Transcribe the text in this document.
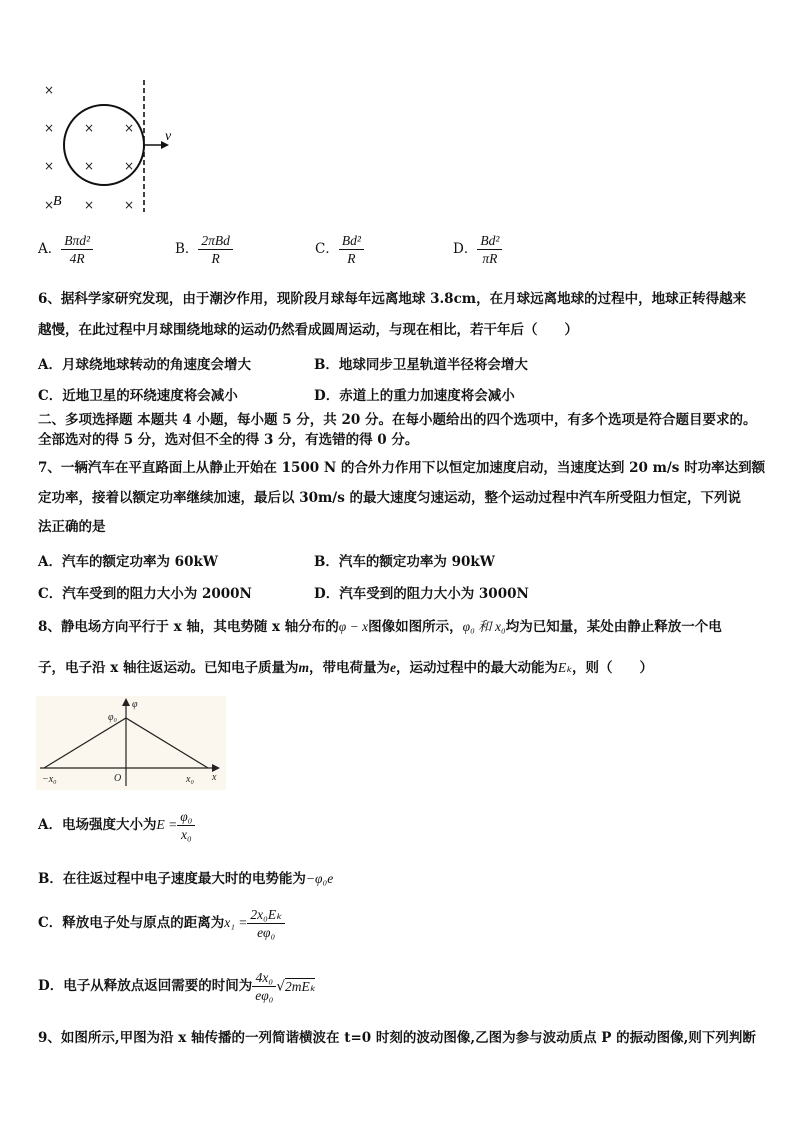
×
×
×
×
×
×
×
×
×
×
v
B
A． $\frac{\text{Bπd²}}{4R}$	B． $\frac{\text{2πBd}}{R}$	C． $\frac{\text{Bd²}}{R}$	D． $\frac{\text{Bd²}}{\pi R}$
6、据科学家研究发现，由于潮汐作用，现阶段月球每年远离地球 3.8cm，在月球远离地球的过程中，地球正转得越来
越慢，在此过程中月球围绕地球的运动仍然看成圆周运动，与现在相比，若干年后（　　）
A．月球绕地球转动的角速度会增大	B．地球同步卫星轨道半径将会增大
C．近地卫星的环绕速度将会减小	D．赤道上的重力加速度将会减小
二、多项选择题 本题共 4 小题，每小题 5 分，共 20 分。在每小题给出的四个选项中，有多个选项是符合题目要求的。
全部选对的得 5 分，选对但不全的得 3 分，有选错的得 0 分。
7、一辆汽车在平直路面上从静止开始在 1500 N 的合外力作用下以恒定加速度启动，当速度达到 20 m/s 时功率达到额
定功率，接着以额定功率继续加速，最后以 30m/s 的最大速度匀速运动，整个运动过程中汽车所受阻力恒定，下列说
法正确的是
A．汽车的额定功率为 60kW	B．汽车的额定功率为 90kW
C．汽车受到的阻力大小为 2000N	D．汽车受到的阻力大小为 3000N
8、静电场方向平行于 x 轴，其电势随 x 轴分布的φ − x图像如图所示，φ₀ 和 x₀均为已知量，某处由静止释放一个电
子，电子沿 x 轴往返运动。已知电子质量为m，带电荷量为e，运动过程中的最大动能为Eₖ，则（　　）
φ
φ₀
O
−x₀	x₀ x
A．电场强度大小为$E = \frac{\text{φ₀}}{\text{x₀}}$
B．在往返过程中电子速度最大时的电势能为−φ₀e
C．释放电子处与原点的距离为$x_1 = \frac{\text{2x₀Eₖ}}{\text{eφ₀}}$
D．电子从释放点返回需要的时间为 $\frac{\text{4x₀}}{\text{eφ₀}} √2mE_k$
9、如图所示,甲图为沿 x 轴传播的一列简谐横波在 t=0 时刻的波动图像,乙图为参与波动质点 P 的振动图像,则下列判断
